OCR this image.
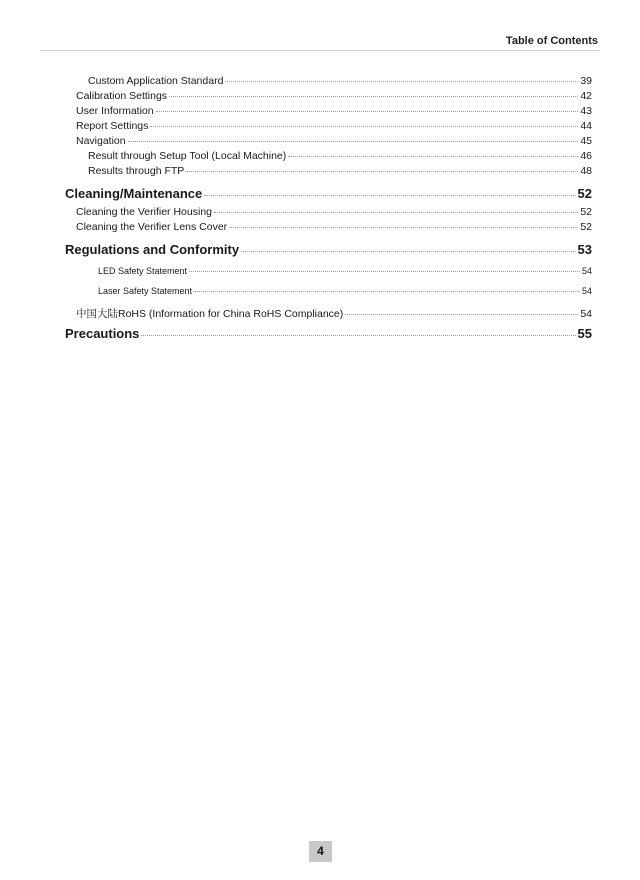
Table of Contents
Custom Application Standard	39
Calibration Settings	42
User Information	43
Report Settings	44
Navigation	45
Result through Setup Tool (Local Machine)	46
Results through FTP	48
Cleaning/Maintenance	52
Cleaning the Verifier Housing	52
Cleaning the Verifier Lens Cover	52
Regulations and Conformity	53
LED Safety Statement	54
Laser Safety Statement	54
中国大陆RoHS (Information for China RoHS Compliance)	54
Precautions	55
4
